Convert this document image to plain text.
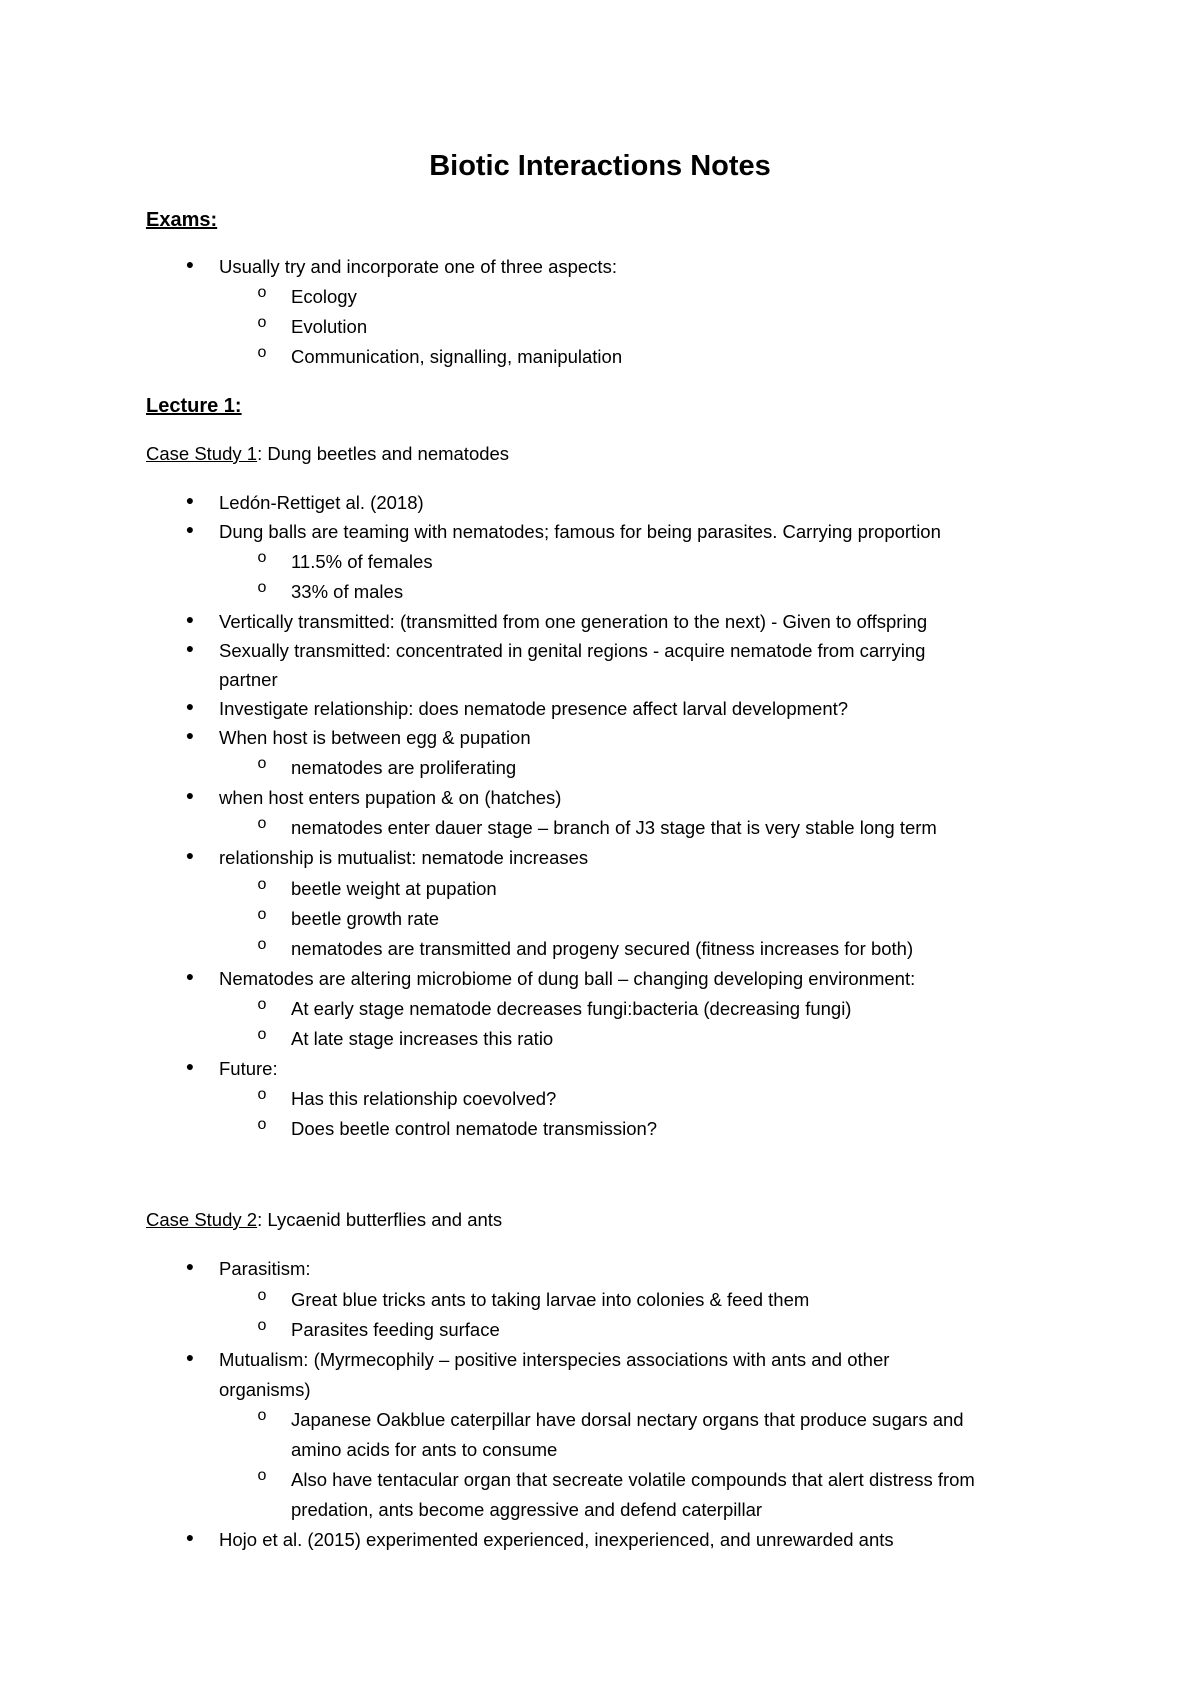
Biotic Interactions Notes
Exams:
● Usually try and incorporate one of three aspects:
o Ecology
o Evolution
o Communication, signalling, manipulation
Lecture 1:
Case Study 1: Dung beetles and nematodes
● Ledón-Rettiget al. (2018)
● Dung balls are teaming with nematodes; famous for being parasites. Carrying proportion
o 11.5% of females
o 33% of males
● Vertically transmitted: (transmitted from one generation to the next) - Given to offspring
● Sexually transmitted: concentrated in genital regions - acquire nematode from carrying
partner
● Investigate relationship: does nematode presence affect larval development?
● When host is between egg & pupation
o nematodes are proliferating
● when host enters pupation & on (hatches)
o nematodes enter dauer stage – branch of J3 stage that is very stable long term
● relationship is mutualist: nematode increases
o beetle weight at pupation
o beetle growth rate
o nematodes are transmitted and progeny secured (fitness increases for both)
● Nematodes are altering microbiome of dung ball – changing developing environment:
o At early stage nematode decreases fungi:bacteria (decreasing fungi)
o At late stage increases this ratio
● Future:
o Has this relationship coevolved?
o Does beetle control nematode transmission?
Case Study 2: Lycaenid butterflies and ants
● Parasitism:
o Great blue tricks ants to taking larvae into colonies & feed them
o Parasites feeding surface
● Mutualism: (Myrmecophily – positive interspecies associations with ants and other
organisms)
o Japanese Oakblue caterpillar have dorsal nectary organs that produce sugars and
amino acids for ants to consume
o Also have tentacular organ that secreate volatile compounds that alert distress from
predation, ants become aggressive and defend caterpillar
● Hojo et al. (2015) experimented experienced, inexperienced, and unrewarded ants
